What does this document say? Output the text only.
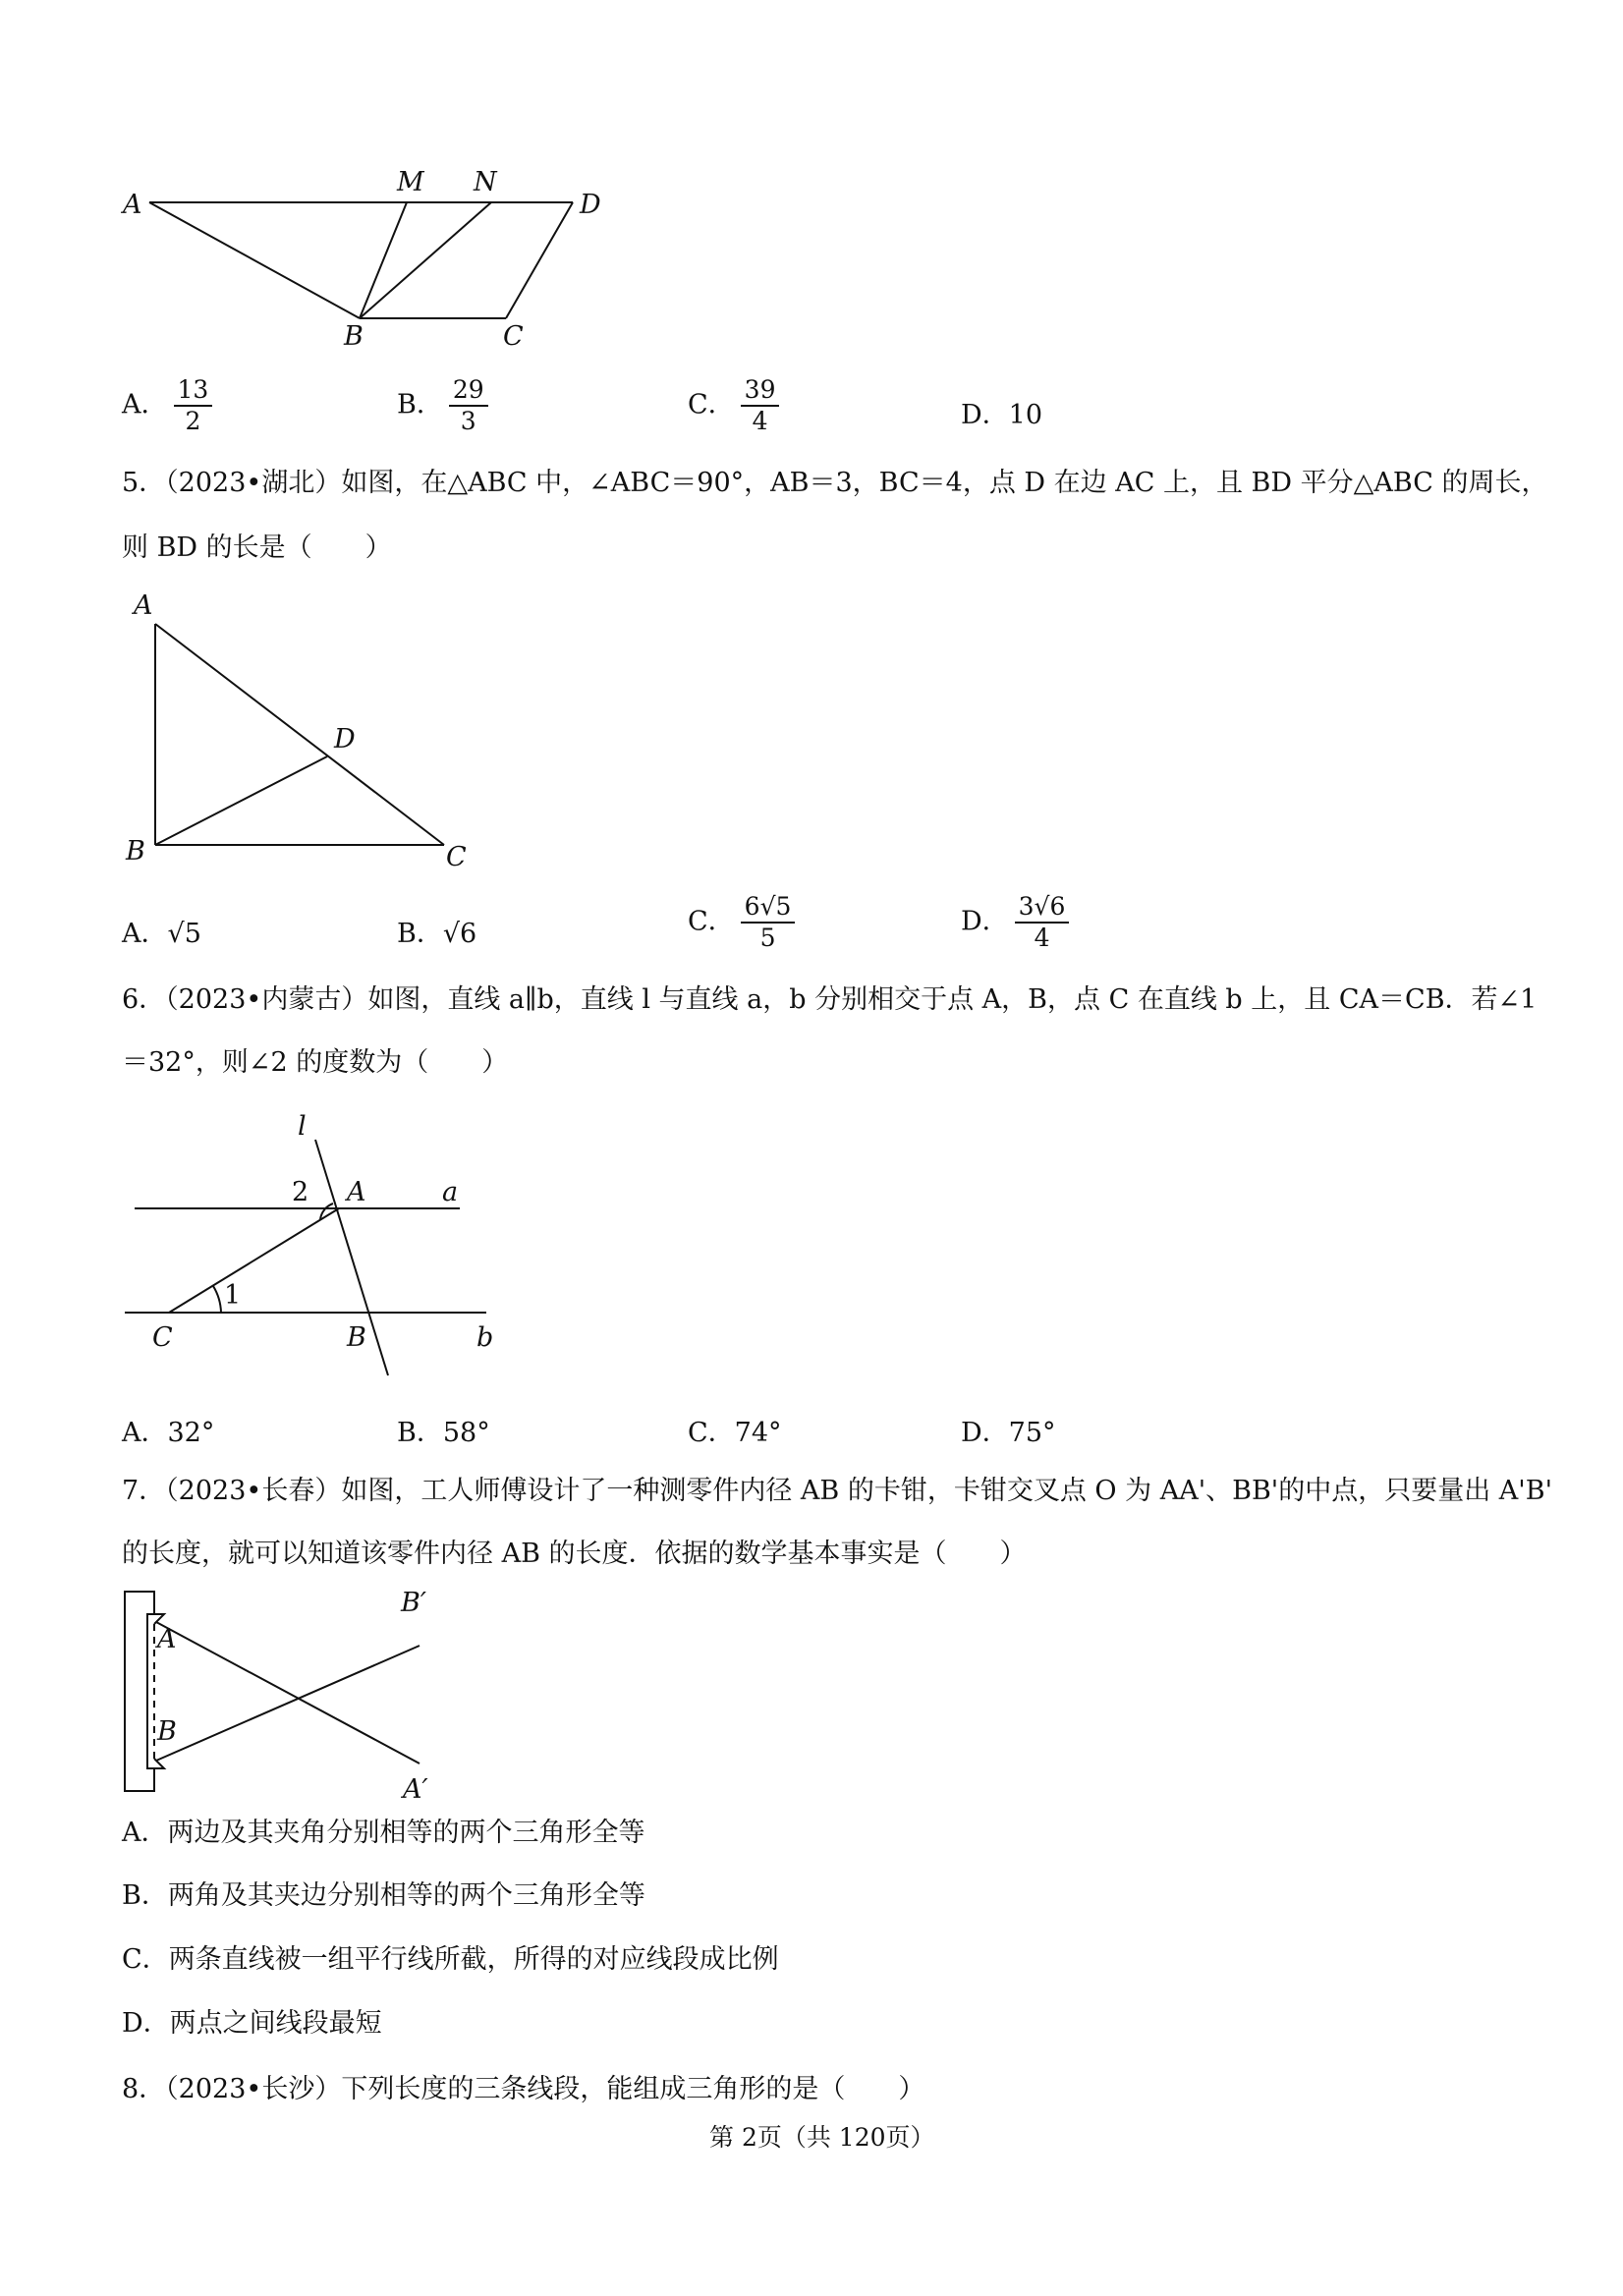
A
M N
D
B	C
A． $\frac{13}{2}$	B． $\frac{29}{3}$	C． $\frac{39}{4}$	D．10
5．（2023•湖北）如图，在△ABC 中，∠ABC＝90°，AB＝3，BC＝4，点 D 在边 AC 上，且 BD 平分△ABC 的周长，
则 BD 的长是（　　）
A
D
B	C
A．√5	B．√6	C． $\frac{6√5}{5}$	D． $\frac{3√6}{4}$
6．（2023•内蒙古）如图，直线 a∥b，直线 l 与直线 a，b 分别相交于点 A，B，点 C 在直线 b 上，且 CA＝CB．若∠1
＝32°，则∠2 的度数为（　　）
l
2 A	a
1
C	B	b
A．32°	B．58°	C．74°	D．75°
7．（2023•长春）如图，工人师傅设计了一种测零件内径 AB 的卡钳，卡钳交叉点 O 为 AA'、BB'的中点，只要量出 A'B'
的长度，就可以知道该零件内径 AB 的长度．依据的数学基本事实是（　　）
A
B
B′
A′
A．两边及其夹角分别相等的两个三角形全等
B．两角及其夹边分别相等的两个三角形全等
C．两条直线被一组平行线所截，所得的对应线段成比例
D．两点之间线段最短
8．（2023•长沙）下列长度的三条线段，能组成三角形的是（　　）
第 2页（共 120页）
